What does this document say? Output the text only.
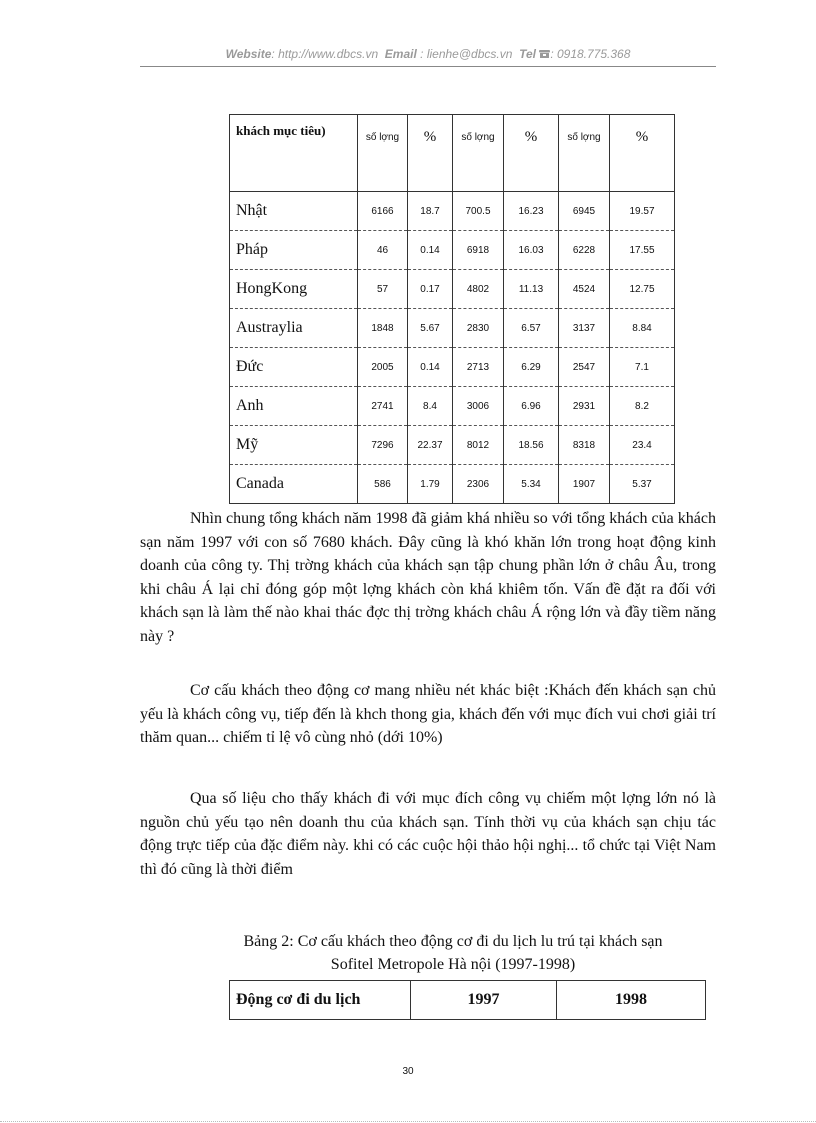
Website: http://www.dbcs.vn Email : lienhe@dbcs.vn Tel : 0918.775.368
khách mục tiêu)	số lợng	%	số lợng	%	số lợng	%
Nhật	6166	18.7	700.5	16.23	6945	19.57
Pháp	46	0.14	6918	16.03	6228	17.55
HongKong	57	0.17	4802	11.13	4524	12.75
Austraylia	1848	5.67	2830	6.57	3137	8.84
Đức	2005	0.14	2713	6.29	2547	7.1
Anh	2741	8.4	3006	6.96	2931	8.2
Mỹ	7296	22.37	8012	18.56	8318	23.4
Canada	586	1.79	2306	5.34	1907	5.37

Nhìn chung tổng khách năm 1998 đã giảm khá nhiều so với tổng khách của khách sạn năm 1997 với con số 7680 khách. Đây cũng là khó khăn lớn trong hoạt động kinh doanh của công ty. Thị trờng khách của khách sạn tập chung phần lớn ở châu Âu, trong khi châu Á lại chỉ đóng góp một lợng khách còn khá khiêm tốn. Vấn đề đặt ra đối với khách sạn là làm thế nào khai thác đợc thị trờng khách châu Á rộng lớn và đầy tiềm năng này ?

Cơ cấu khách theo động cơ mang nhiều nét khác biệt :Khách đến khách sạn chủ yếu là khách công vụ, tiếp đến là khch thong gia, khách đến với mục đích vui chơi giải trí thăm quan... chiếm tỉ lệ vô cùng nhỏ (dới 10%)

Qua số liệu cho thấy khách đi với mục đích công vụ chiếm một lợng lớn nó là nguồn chủ yếu tạo nên doanh thu của khách sạn. Tính thời vụ của khách sạn chịu tác động trực tiếp của đặc điểm này. khi có các cuộc hội thảo hội nghị... tổ chức tại Việt Nam thì đó cũng là thời điểm

Bảng 2: Cơ cấu khách theo động cơ đi du lịch lu trú tại khách sạn
Sofitel Metropole Hà nội (1997-1998)
Động cơ đi du lịch	1997	1998
30
